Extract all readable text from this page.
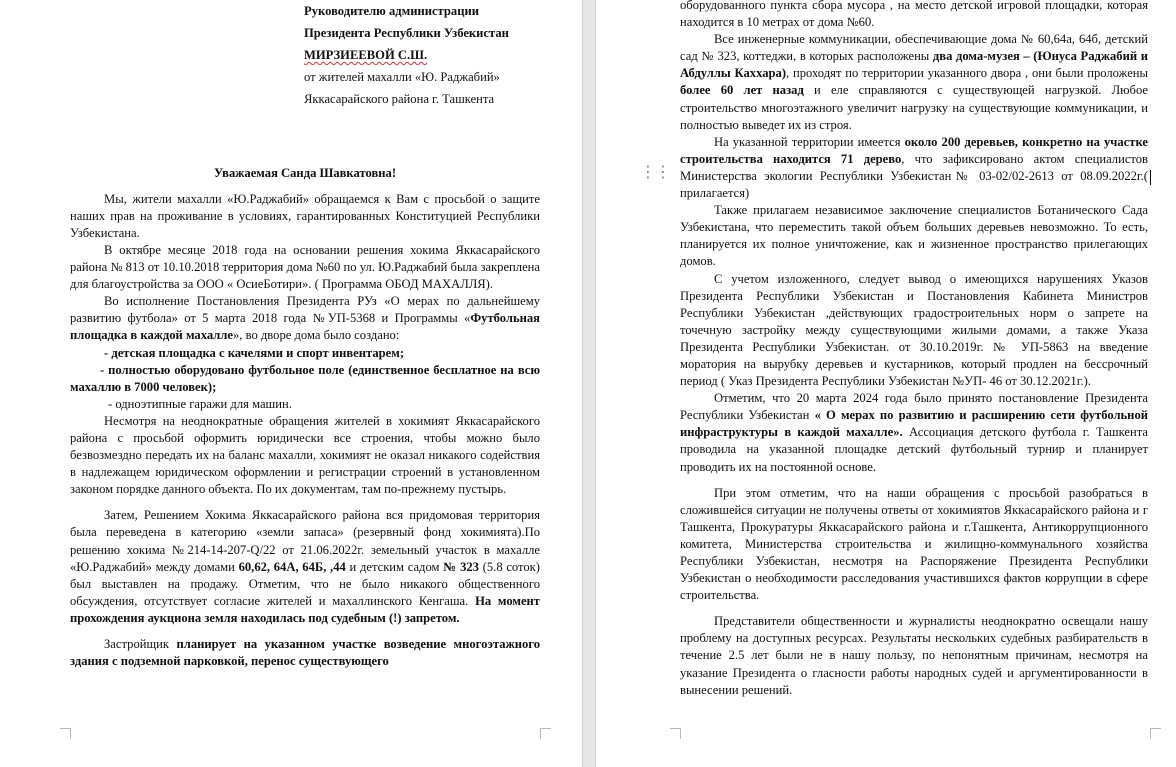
Руководителю администрации
Президента Республики Узбекистан
МИРЗИЕЕВОЙ С.Ш.
от жителей махалли «Ю. Раджабий»
Яккасарайского района г. Ташкента

Уважаемая Санда Шавкатовна!

Мы, жители махалли «Ю.Раджабий» обращаемся к Вам с просьбой о защите наших прав на проживание в условиях, гарантированных Конституцией Республики Узбекистана.

В октябре месяце 2018 года на основании решения хокима Яккасарайского района № 813 от 10.10.2018 территория дома №60 по ул. Ю.Раджабий была закреплена для благоустройства за ООО « ОсиеБотири». ( Программа ОБОД МАХАЛЛЯ).

Во исполнение Постановления Президента РУз «О мерах по дальнейшему развитию футбола» от 5 марта 2018 года №УП-5368 и Программы «Футбольная площадка в каждой махалле», во дворе дома было создано:

- детская площадка с качелями и спорт инвентарем;

- полностью оборудовано футбольное поле (единственное бесплатное на всю махаллю в 7000 человек);

- одноэтипные гаражи для машин.

Несмотря на неоднократные обращения жителей в хокимият Яккасарайского района с просьбой оформить юридически все строения, чтобы можно было безвозмездно передать их на баланс махалли, хокимият не оказал никакого содействия в надлежащем юридическом оформлении и регистрации строений в установленном законом порядке данного объекта. По их документам, там по-прежнему пустырь.

Затем, Решением Хокима Яккасарайского района вся придомовая территория была переведена в категорию «земли запаса» (резервный фонд хокимията).По решению хокима №214-14-207-Q/22 от 21.06.2022г. земельный участок в махалле «Ю.Раджабий» между домами 60,62, 64А, 64Б, ,44 и детским садом № 323 (5.8 соток) был выставлен на продажу. Отметим, что не было никакого общественного обсуждения, отсутствует согласие жителей и махаллинского Кенгаша. На момент прохождения аукциона земля находилась под судебным (!) запретом.

Застройщик планирует на указанном участке возведение многоэтажного здания с подземной парковкой, перенос существующего

оборудованного пункта сбора мусора , на место детской игровой площадки, которая находится в 10 метрах от дома №60.

Все инженерные коммуникации, обеспечивающие дома № 60,64а, 64б, детский сад № 323, коттеджи, в которых расположены два дома-музея – (Юнуса Раджабий и Абдуллы Каххара), проходят по территории указанного двора , они были проложены более 60 лет назад и еле справляются с существующей нагрузкой. Любое строительство многоэтажного увеличит нагрузку на существующие коммуникации, и полностью выведет их из строя.

На указанной территории имеется около 200 деревьев, конкретно на участке строительства находится 71 дерево, что зафиксировано актом специалистов Министерства экологии Республики Узбекистан№ 03-02/02-2613 от 08.09.2022г.( прилагается)

Также прилагаем независимое заключение специалистов Ботанического Сада Узбекистана, что переместить такой объем больших деревьев невозможно. То есть, планируется их полное уничтожение, как и жизненное пространство прилегающих домов.

С учетом изложенного, следует вывод о имеющихся нарушениях Указов Президента Республики Узбекистан и Постановления Кабинета Министров Республики Узбекистан ,действующих градостроительных норм о запрете на точечную застройку между существующими жилыми домами, а также Указа Президента Республики Узбекистан. от 30.10.2019г. № УП-5863 на введение моратория на вырубку деревьев и кустарников, который продлен на бессрочный период ( Указ Президента Республики Узбекистан №УП- 46 от 30.12.2021г.).

Отметим, что 20 марта 2024 года было принято постановление Президента Республики Узбекистан « О мерах по развитию и расширению сети футбольной инфраструктуры в каждой махалле». Ассоциация детского футбола г. Ташкента проводила на указанной площадке детский футбольный турнир и планирует проводить их на постоянной основе.

При этом отметим, что на наши обращения с просьбой разобраться в сложившейся ситуации не получены ответы от хокимиятов Яккасарайского района и г Ташкента, Прокуратуры Яккасарайского района и г.Ташкента, Антикоррупционного комитета, Министерства строительства и жилищно-коммунального хозяйства Республики Узбекистан, несмотря на Распоряжение Президента Республики Узбекистан о необходимости расследования участившихся фактов коррупции в сфере строительства.

Представители общественности и журналисты неоднократно освещали нашу проблему на доступных ресурсах. Результаты нескольких судебных разбирательств в течение 2.5 лет были не в нашу пользу, по непонятным причинам, несмотря на указание Президента о гласности работы народных судей и аргументированности в вынесении решений.

⋮⋮
